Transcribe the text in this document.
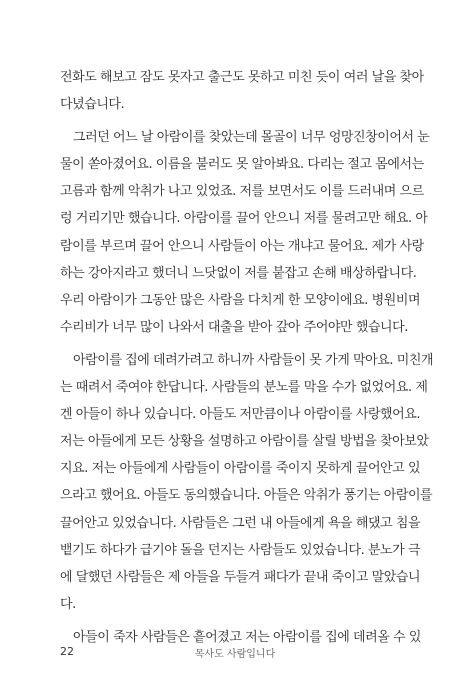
전화도 해보고 잠도 못자고 출근도 못하고 미친 듯이 여러 날을 찾아
다녔습니다.
그러던 어느 날 아람이를 찾았는데 몰골이 너무 엉망진창이어서 눈
물이 쏟아졌어요. 이름을 불러도 못 알아봐요. 다리는 절고 몸에서는
고름과 함께 악취가 나고 있었죠. 저를 보면서도 이를 드러내며 으르
렁 거리기만 했습니다. 아람이를 끌어 안으니 저를 물려고만 해요. 아
람이를 부르며 끌어 안으니 사람들이 아는 개냐고 물어요. 제가 사랑
하는 강아지라고 했더니 느닷없이 저를 붙잡고 손해 배상하랍니다.
우리 아람이가 그동안 많은 사람을 다치게 한 모양이에요. 병원비며
수리비가 너무 많이 나와서 대출을 받아 갚아 주어야만 했습니다.
아람이를 집에 데려가려고 하니까 사람들이 못 가게 막아요. 미친개
는 때려서 죽여야 한답니다. 사람들의 분노를 막을 수가 없었어요. 제
겐 아들이 하나 있습니다. 아들도 저만큼이나 아람이를 사랑했어요.
저는 아들에게 모든 상황을 설명하고 아람이를 살릴 방법을 찾아보았
지요. 저는 아들에게 사람들이 아람이를 죽이지 못하게 끌어안고 있
으라고 했어요. 아들도 동의했습니다. 아들은 악취가 풍기는 아람이를
끌어안고 있었습니다. 사람들은 그런 내 아들에게 욕을 해댔고 침을
뱉기도 하다가 급기야 돌을 던지는 사람들도 있었습니다. 분노가 극
에 달했던 사람들은 제 아들을 두들겨 패다가 끝내 죽이고 말았습니
다.
아들이 죽자 사람들은 흩어졌고 저는 아람이를 집에 데려올 수 있
22	목사도 사람입니다
